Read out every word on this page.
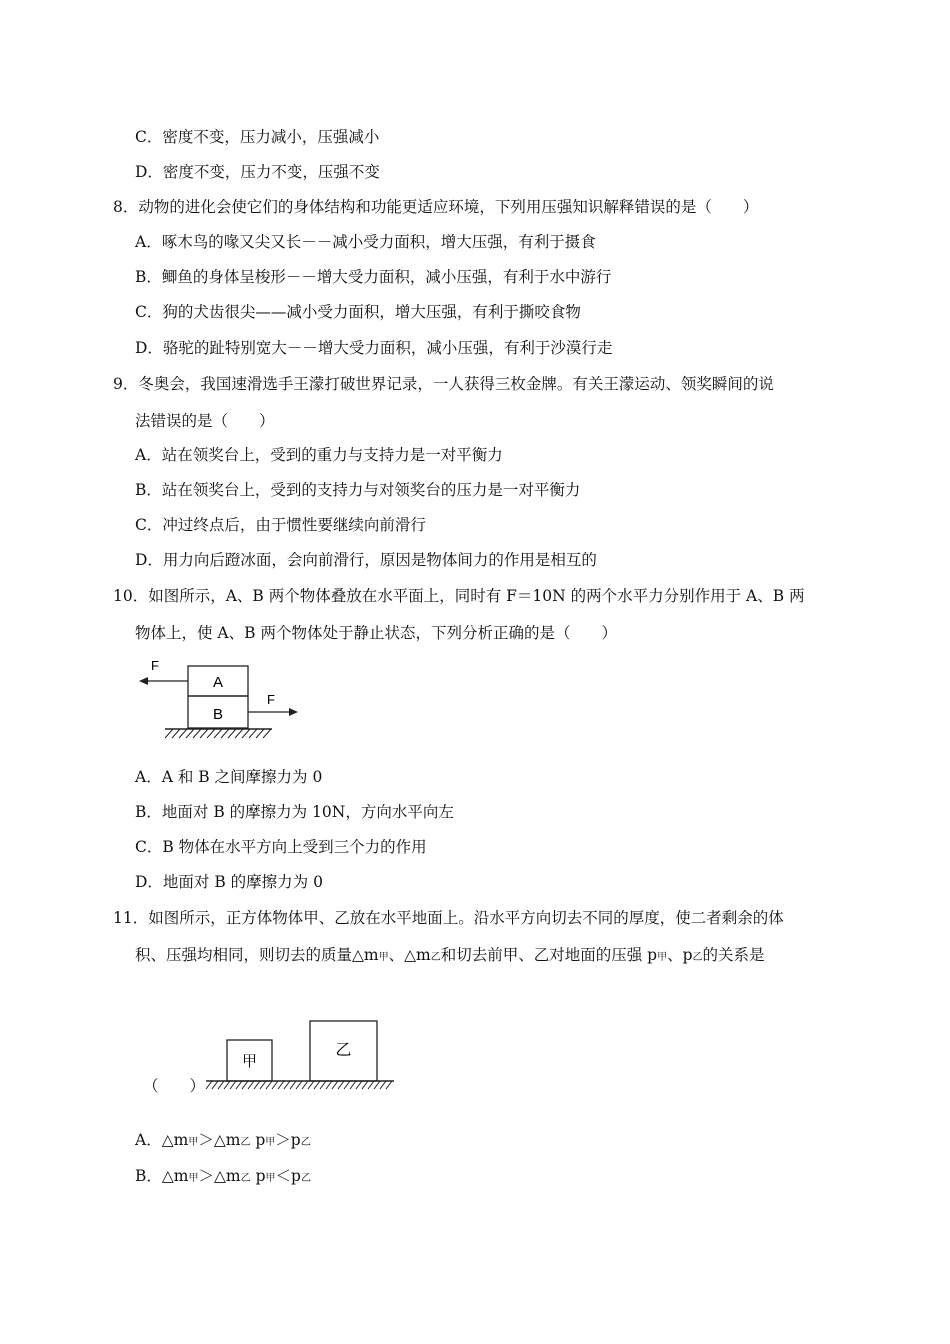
C．密度不变，压力减小，压强减小
D．密度不变，压力不变，压强不变
8．动物的进化会使它们的身体结构和功能更适应环境，下列用压强知识解释错误的是（　　）
A．啄木鸟的喙又尖又长－－减小受力面积，增大压强，有利于摄食
B．鲫鱼的身体呈梭形－－增大受力面积，减小压强，有利于水中游行
C．狗的犬齿很尖——减小受力面积，增大压强，有利于撕咬食物
D．骆驼的趾特别宽大－－增大受力面积，减小压强，有利于沙漠行走
9．冬奥会，我国速滑选手王濛打破世界记录，一人获得三枚金牌。有关王濛运动、领奖瞬间的说
法错误的是（　　）
A．站在领奖台上，受到的重力与支持力是一对平衡力
B．站在领奖台上，受到的支持力与对领奖台的压力是一对平衡力
C．冲过终点后，由于惯性要继续向前滑行
D．用力向后蹬冰面，会向前滑行，原因是物体间力的作用是相互的
10．如图所示，A、B 两个物体叠放在水平面上，同时有 F＝10N 的两个水平力分别作用于 A、B 两
物体上，使 A、B 两个物体处于静止状态，下列分析正确的是（　　）
A
B
F
F
A．A 和 B 之间摩擦力为 0
B．地面对 B 的摩擦力为 10N，方向水平向左
C．B 物体在水平方向上受到三个力的作用
D．地面对 B 的摩擦力为 0
11．如图所示，正方体物体甲、乙放在水平地面上。沿水平方向切去不同的厚度，使二者剩余的体
积、压强均相同，则切去的质量△m甲、△m乙和切去前甲、乙对地面的压强 p甲、p乙的关系是
（　　）
甲
乙
A．△m甲＞△m乙 p甲＞p乙
B．△m甲＞△m乙 p甲＜p乙
